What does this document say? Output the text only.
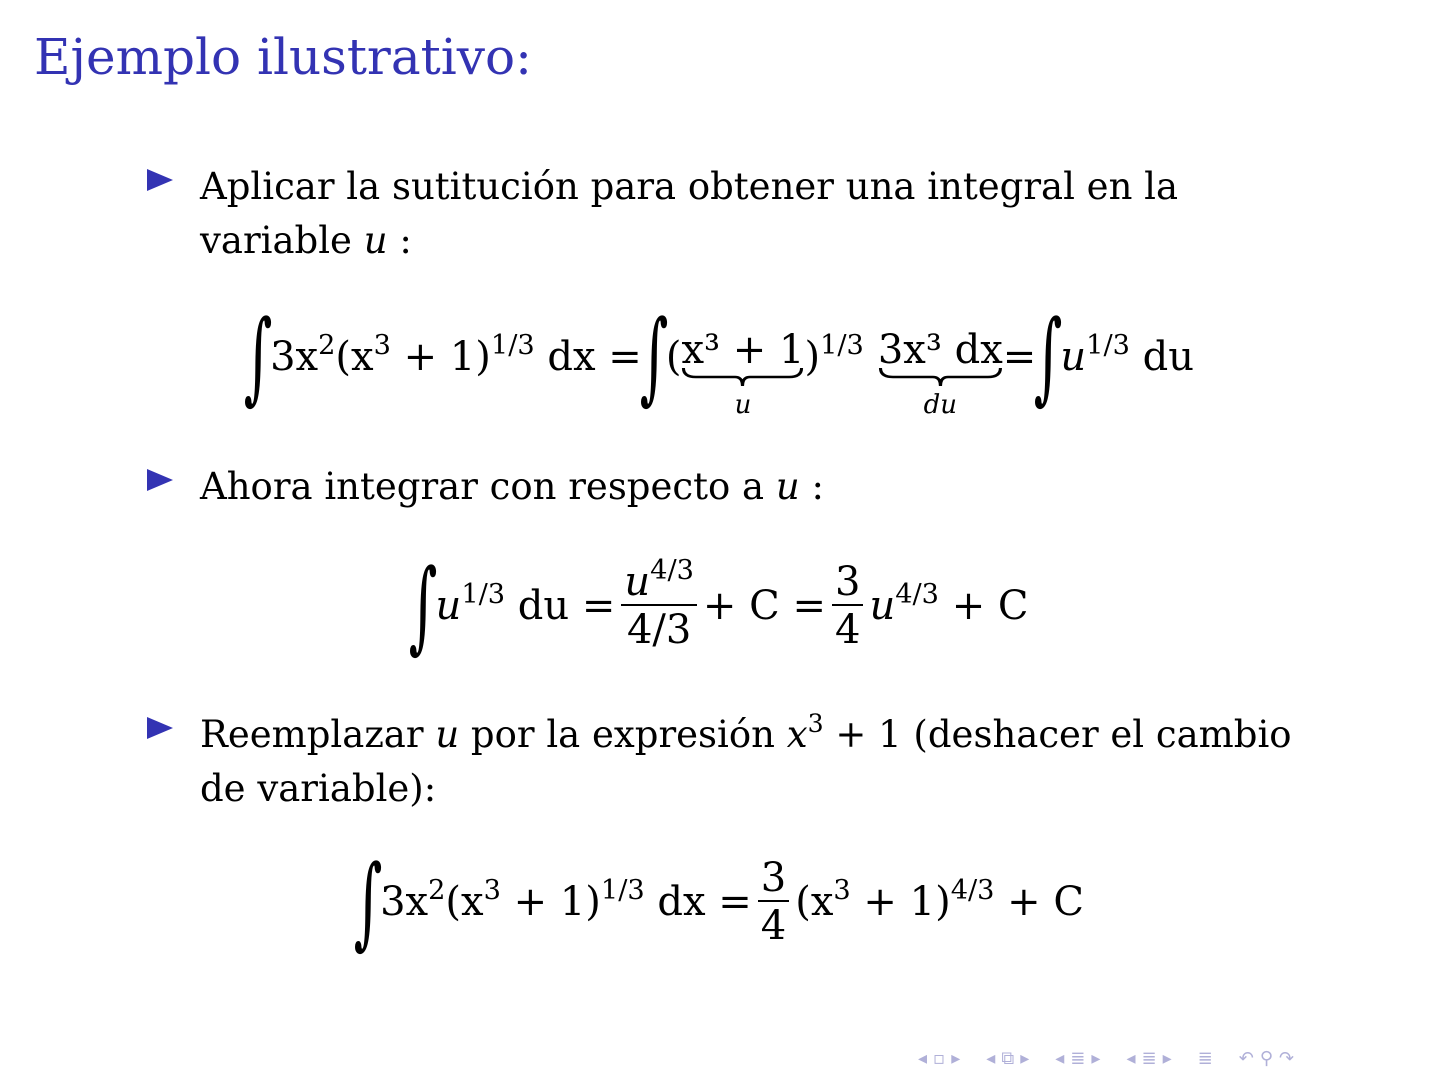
Ejemplo ilustrativo:
Aplicar la sutitución para obtener una integral en la
variable u :
∫
$3x^2(x^3 + 1)^{1/3}$ dx =
∫
( x³ + 1
u
)$^{1/3}$ 3x³ dx
du
=
∫
$u^{1/3}$ du
Ahora integrar con respecto a u :
∫
$u^{1/3}$ du = $\frac{u^{4/3}}{4/3} + C = \frac{3}{4} u^{4/3} + C$
Reemplazar u por la expresión $x^3 + 1$ (deshacer el cambio
de variable):
∫
$3x^2(x^3 + 1)^{1/3}$ dx = $\frac{3}{4} (x^3 + 1)^{4/3} + C$
◂ ▫ ▸ ◂ ⧉ ▸ ◂ ≣ ▸ ◂ ≣ ▸ ≣ ↶ ⚲ ↷
